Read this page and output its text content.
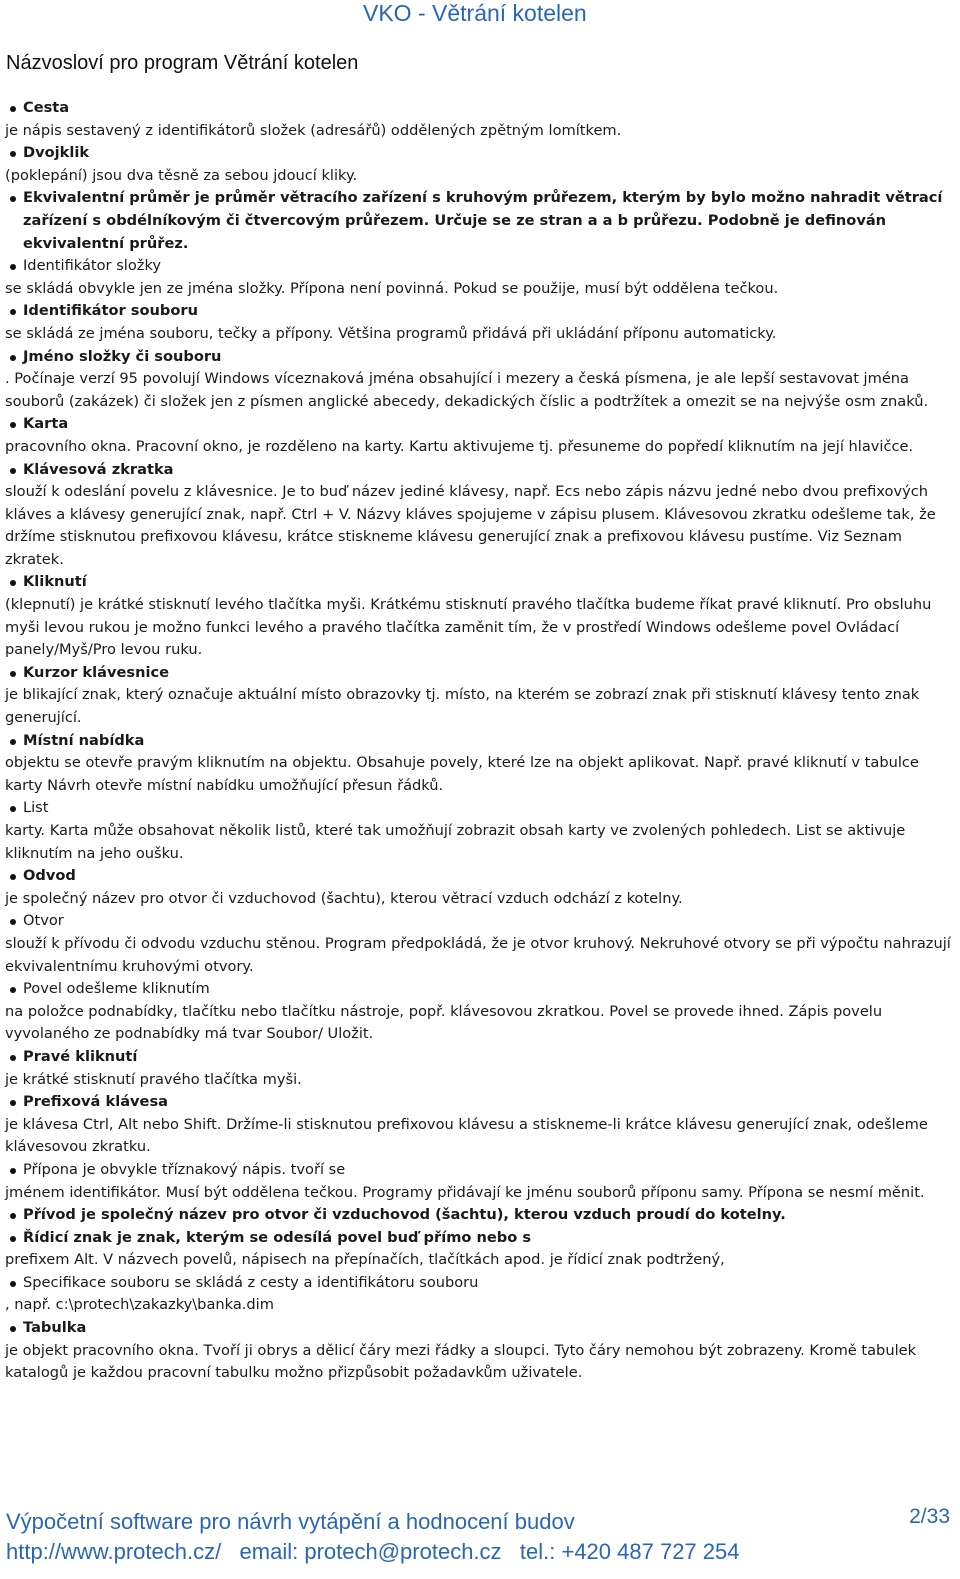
VKO - Větrání kotelen
Názvosloví pro program Větrání kotelen

Cesta

je nápis sestavený z identifikátorů složek (adresářů) oddělených zpětným lomítkem.

Dvojklik

(poklepání) jsou dva těsně za sebou jdoucí kliky.

Ekvivalentní průměr je průměr větracího zařízení s kruhovým průřezem, kterým by bylo možno nahradit větrací zařízení s obdélníkovým či čtvercovým průřezem. Určuje se ze stran a a b průřezu. Podobně je definován ekvivalentní průřez.

Identifikátor složky

se skládá obvykle jen ze jména složky. Přípona není povinná. Pokud se použije, musí být oddělena tečkou.

Identifikátor souboru

se skládá ze jména souboru, tečky a přípony. Většina programů přidává při ukládání příponu automaticky.

Jméno složky či souboru

. Počínaje verzí 95 povolují Windows víceznaková jména obsahující i mezery a česká písmena, je ale lepší sestavovat jména souborů (zakázek) či složek jen z písmen anglické abecedy, dekadických číslic a podtržítek a omezit se na nejvýše osm znaků.

Karta

pracovního okna. Pracovní okno, je rozděleno na karty. Kartu aktivujeme tj. přesuneme do popředí kliknutím na její hlavičce.

Klávesová zkratka

slouží k odeslání povelu z klávesnice. Je to buď název jediné klávesy, např. Ecs nebo zápis názvu jedné nebo dvou prefixových kláves a klávesy generující znak, např. Ctrl + V. Názvy kláves spojujeme v zápisu plusem. Klávesovou zkratku odešleme tak, že držíme stisknutou prefixovou klávesu, krátce stiskneme klávesu generující znak a prefixovou klávesu pustíme. Viz Seznam zkratek.

Kliknutí

(klepnutí) je krátké stisknutí levého tlačítka myši. Krátkému stisknutí pravého tlačítka budeme říkat pravé kliknutí. Pro obsluhu myši levou rukou je možno funkci levého a pravého tlačítka zaměnit tím, že v prostředí Windows odešleme povel Ovládací panely/Myš/Pro levou ruku.

Kurzor klávesnice

je blikající znak, který označuje aktuální místo obrazovky tj. místo, na kterém se zobrazí znak při stisknutí klávesy tento znak generující.

Místní nabídka

objektu se otevře pravým kliknutím na objektu. Obsahuje povely, které lze na objekt aplikovat. Např. pravé kliknutí v tabulce karty Návrh otevře místní nabídku umožňující přesun řádků.

List

karty. Karta může obsahovat několik listů, které tak umožňují zobrazit obsah karty ve zvolených pohledech. List se aktivuje kliknutím na jeho oušku.

Odvod

je společný název pro otvor či vzduchovod (šachtu), kterou větrací vzduch odchází z kotelny.

Otvor

slouží k přívodu či odvodu vzduchu stěnou. Program předpokládá, že je otvor kruhový. Nekruhové otvory se při výpočtu nahrazují ekvivalentnímu kruhovými otvory.

Povel odešleme kliknutím

na položce podnabídky, tlačítku nebo tlačítku nástroje, popř. klávesovou zkratkou. Povel se provede ihned. Zápis povelu vyvolaného ze podnabídky má tvar Soubor/ Uložit.

Pravé kliknutí

je krátké stisknutí pravého tlačítka myši.

Prefixová klávesa

je klávesa Ctrl, Alt nebo Shift. Držíme-li stisknutou prefixovou klávesu a stiskneme-li krátce klávesu generující znak, odešleme klávesovou zkratku.

Přípona je obvykle tříznakový nápis. tvoří se

jménem identifikátor. Musí být oddělena tečkou. Programy přidávají ke jménu souborů příponu samy. Přípona se nesmí měnit.

Přívod je společný název pro otvor či vzduchovod (šachtu), kterou vzduch proudí do kotelny.

Řídicí znak je znak, kterým se odesílá povel buď přímo nebo s

prefixem Alt. V názvech povelů, nápisech na přepínačích, tlačítkách apod. je řídicí znak podtržený,

Specifikace souboru se skládá z cesty a identifikátoru souboru

, např. c:\protech\zakazky\banka.dim

Tabulka

je objekt pracovního okna. Tvoří ji obrys a dělicí čáry mezi řádky a sloupci. Tyto čáry nemohou být zobrazeny. Kromě tabulek katalogů je každou pracovní tabulku možno přizpůsobit požadavkům uživatele.

Výpočetní software pro návrh vytápění a hodnocení budov
http://www.protech.cz/ email: protech@protech.cz tel.: +420 487 727 254
2/33
